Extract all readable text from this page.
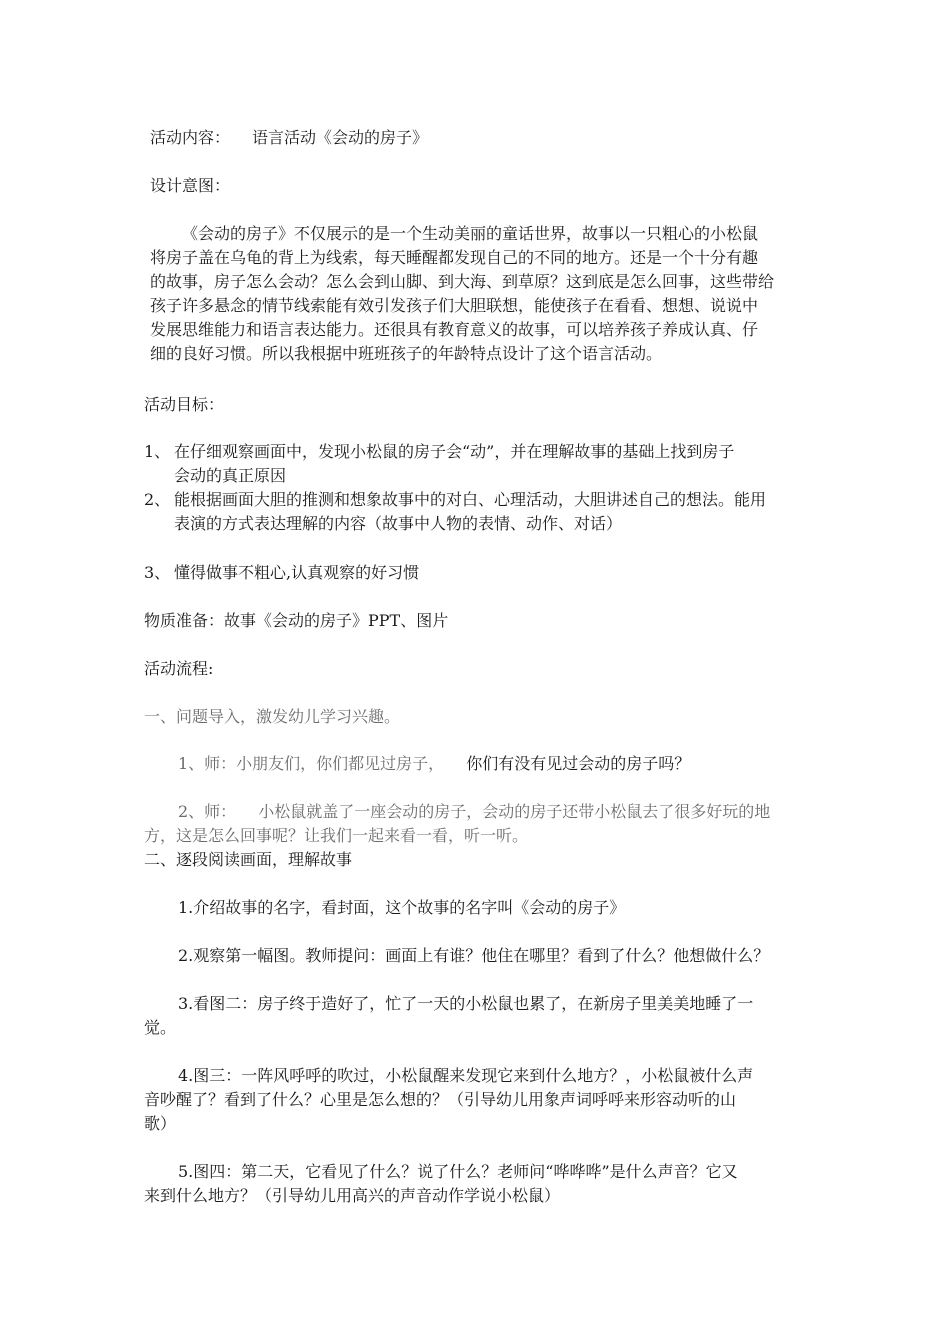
活动内容： 语言活动《会动的房子》
设计意图：
《会动的房子》不仅展示的是一个生动美丽的童话世界，故事以一只粗心的小松鼠
将房子盖在乌龟的背上为线索，每天睡醒都发现自己的不同的地方。还是一个十分有趣
的故事，房子怎么会动？怎么会到山脚、到大海、到草原？这到底是怎么回事，这些带给
孩子许多悬念的情节线索能有效引发孩子们大胆联想，能使孩子在看看、想想、说说中
发展思维能力和语言表达能力。还很具有教育意义的故事，可以培养孩子养成认真、仔
细的良好习惯。所以我根据中班班孩子的年龄特点设计了这个语言活动。
活动目标：
1、 在仔细观察画面中，发现小松鼠的房子会“动”，并在理解故事的基础上找到房子
会动的真正原因
2、 能根据画面大胆的推测和想象故事中的对白、心理活动，大胆讲述自己的想法。能用
表演的方式表达理解的内容（故事中人物的表情、动作、对话）
3、 懂得做事不粗心,认真观察的好习惯
物质准备：故事《会动的房子》PPT、图片
活动流程:
一、问题导入，激发幼儿学习兴趣。
1、师：小朋友们，你们都见过房子， 你们有没有见过会动的房子吗？
2、师： 小松鼠就盖了一座会动的房子，会动的房子还带小松鼠去了很多好玩的地
方，这是怎么回事呢？让我们一起来看一看，听一听。
二、逐段阅读画面，理解故事
1.介绍故事的名字，看封面，这个故事的名字叫《会动的房子》
2.观察第一幅图。教师提问：画面上有谁？他住在哪里？看到了什么？他想做什么？
3.看图二：房子终于造好了，忙了一天的小松鼠也累了，在新房子里美美地睡了一
觉。
4.图三：一阵风呼呼的吹过，小松鼠醒来发现它来到什么地方？，小松鼠被什么声
音吵醒了？看到了什么？心里是怎么想的？（引导幼儿用象声词呼呼来形容动听的山
歌）
5.图四：第二天，它看见了什么？说了什么？老师问“哗哗哗”是什么声音？它又
来到什么地方？（引导幼儿用高兴的声音动作学说小松鼠）
